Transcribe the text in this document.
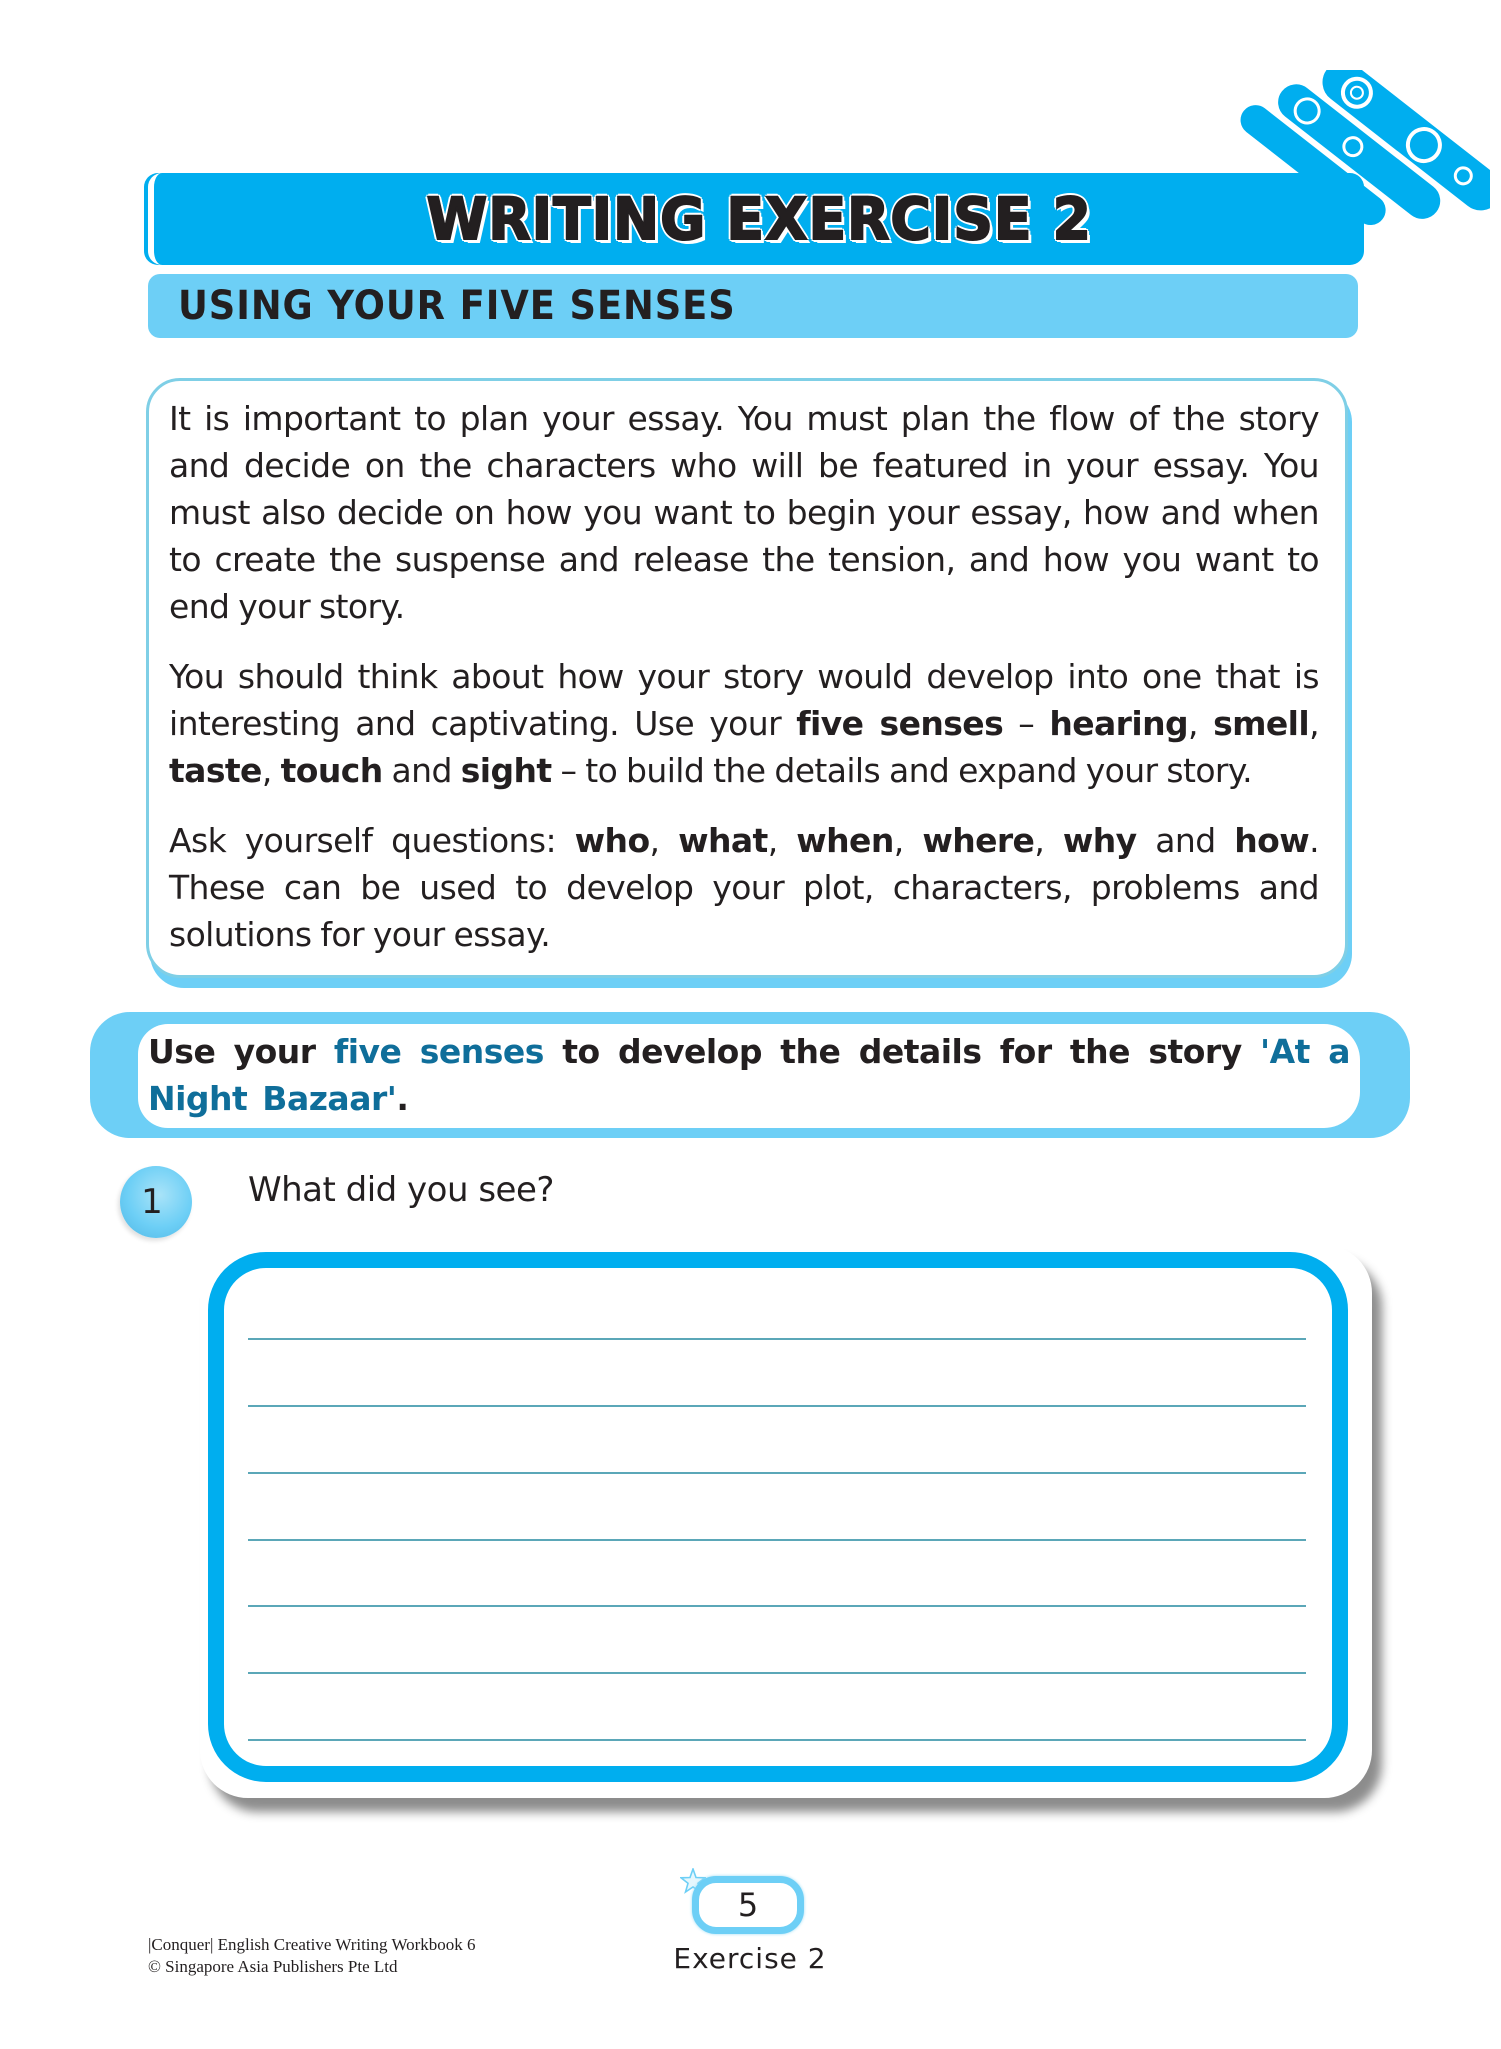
WRITING EXERCISE 2
USING YOUR FIVE SENSES

It is important to plan your essay. You must plan the flow of the story and decide on the characters who will be featured in your essay. You must also decide on how you want to begin your essay, how and when to create the suspense and release the tension, and how you want to end your story.

You should think about how your story would develop into one that is interesting and captivating. Use your five senses – hearing, smell, taste, touch and sight – to build the details and expand your story.

Ask yourself questions: who, what, when, where, why and how. These can be used to develop your plot, characters, problems and solutions for your essay.

Use your five senses to develop the details for the story 'At a Night Bazaar'.

1	What did you see?
|Conquer| English Creative Writing Workbook 6
© Singapore Asia Publishers Pte Ltd
5
Exercise 2
